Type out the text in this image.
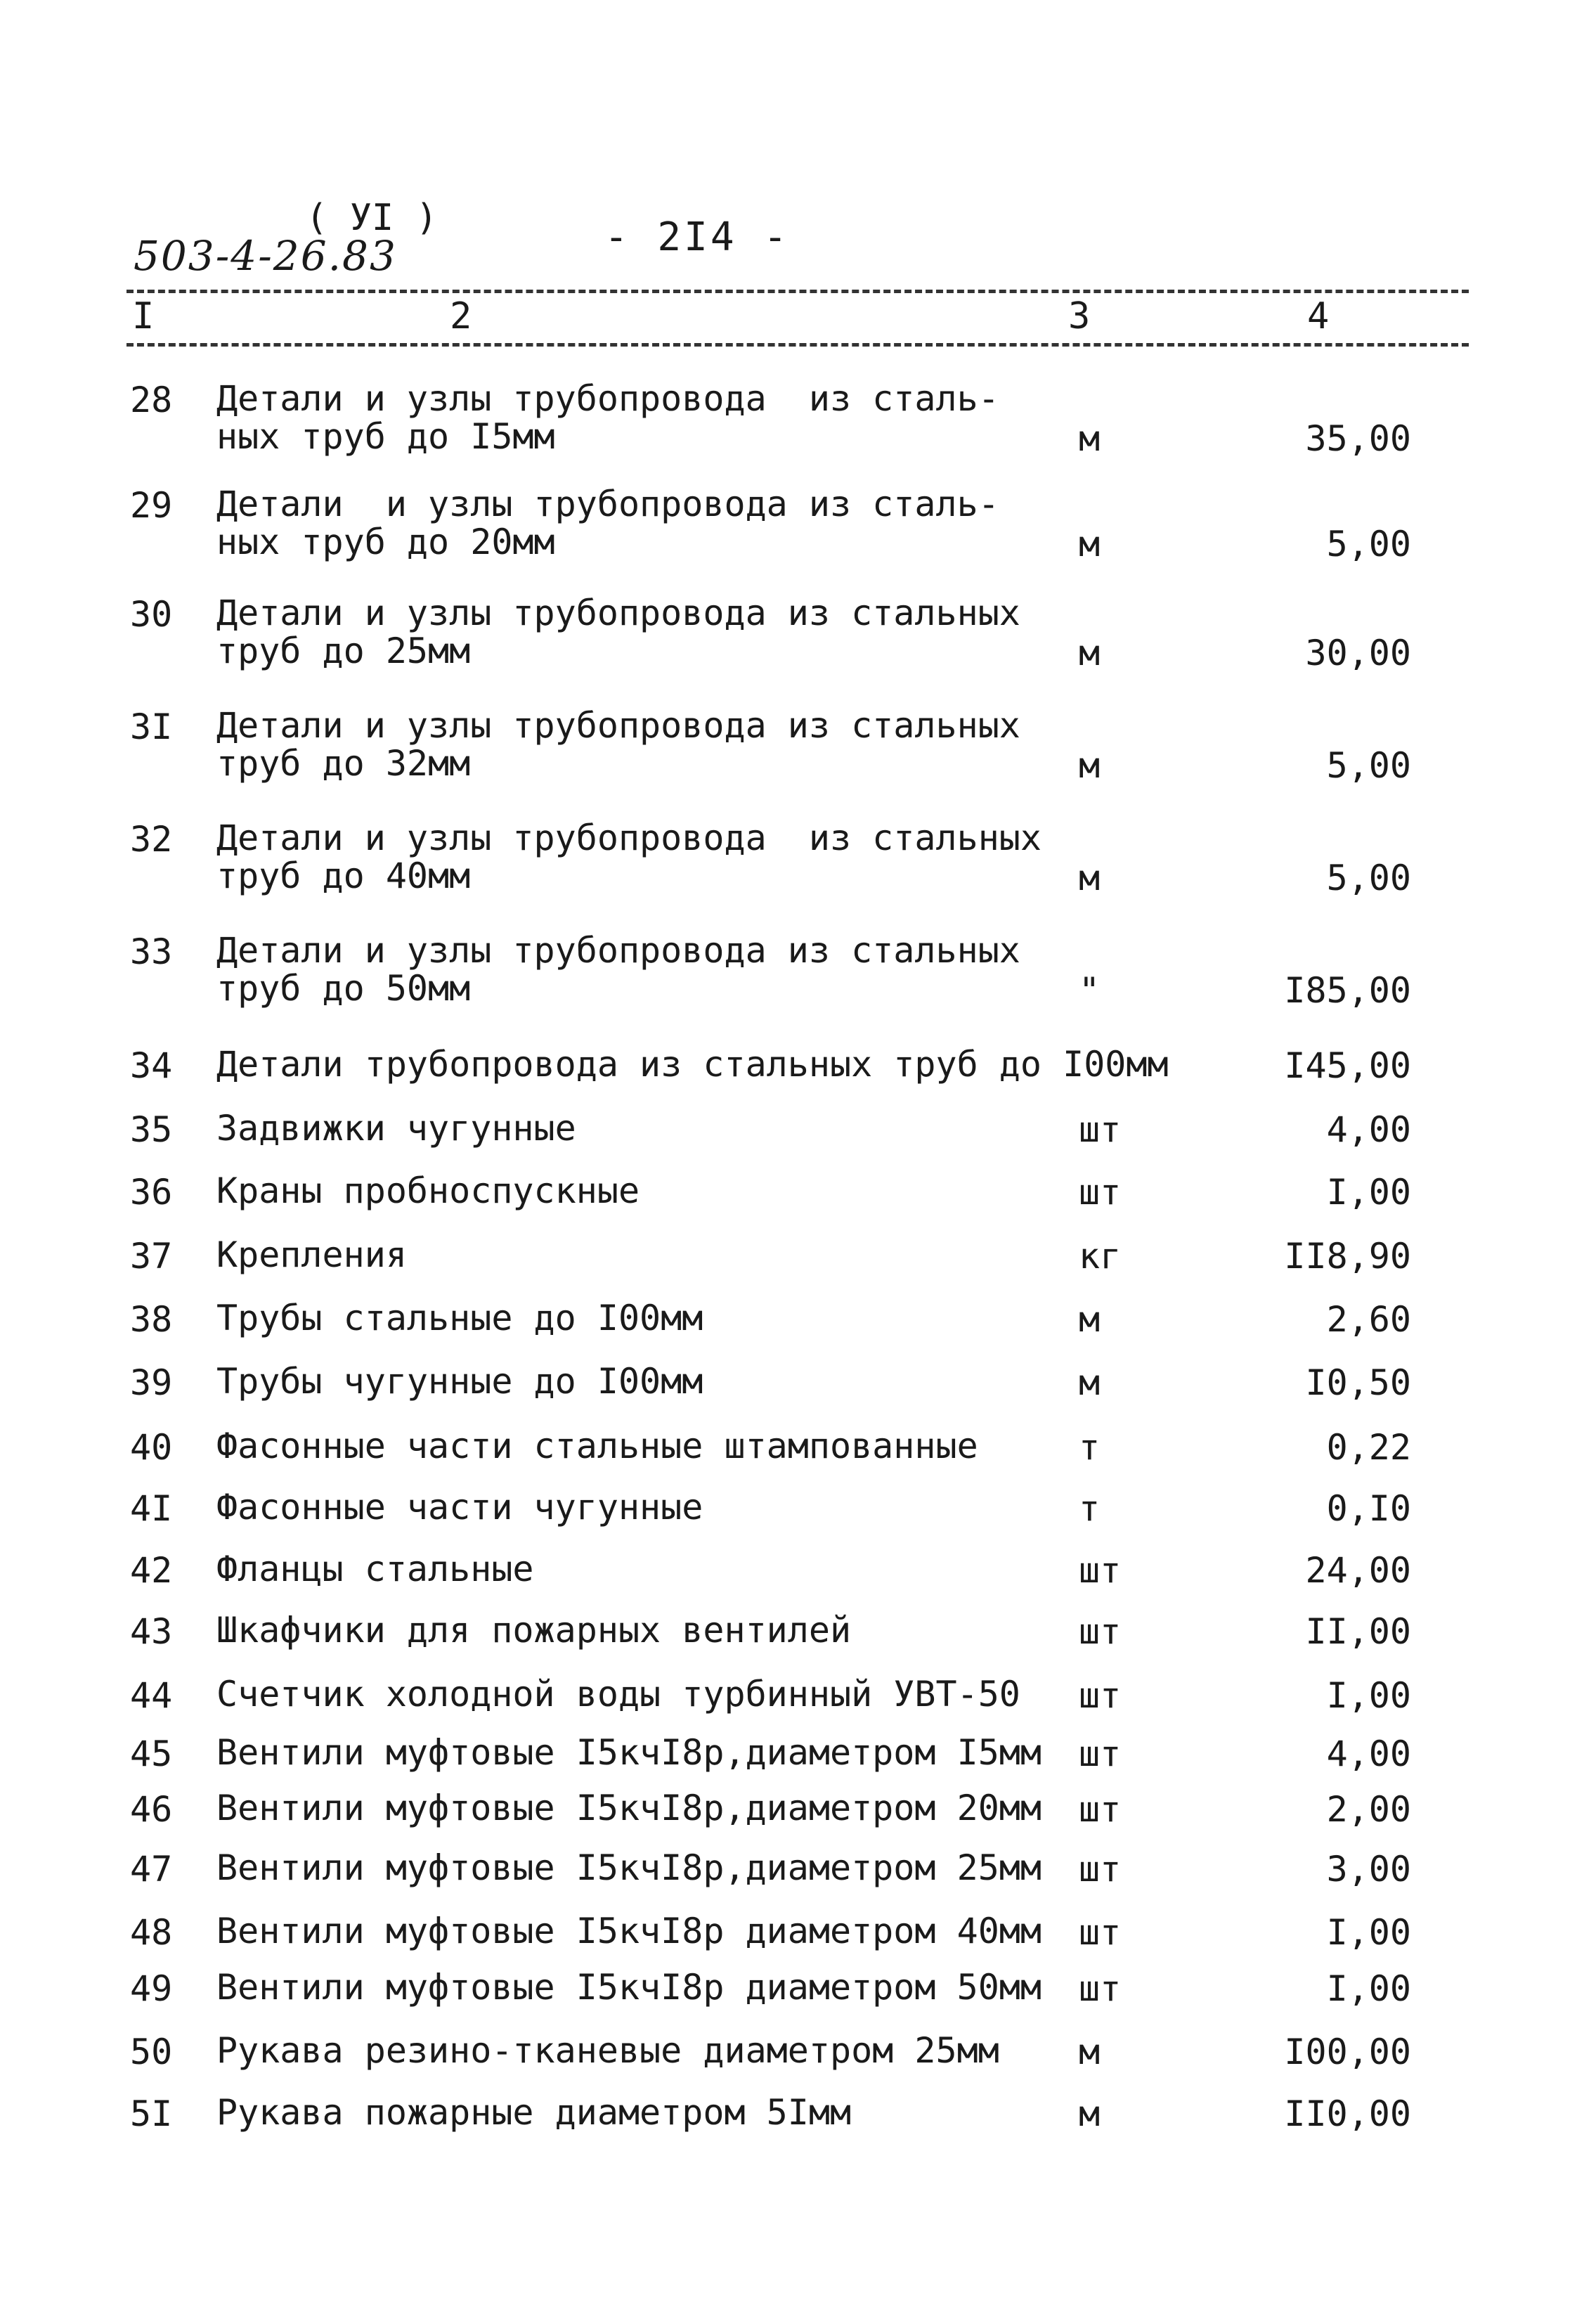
( УI )
503-4-26.83	- 2I4 -
I	2	3	4
28 Детали и узлы трубопровода  из сталь-
ных труб до I5мм	м	35,00
29 Детали  и узлы трубопровода из сталь-
ных труб до 20мм	м	5,00
30 Детали и узлы трубопровода из стальных
труб до 25мм	м	30,00
3I Детали и узлы трубопровода из стальных
труб до 32мм	м	5,00
32 Детали и узлы трубопровода  из стальных
труб до 40мм	м	5,00
33 Детали и узлы трубопровода из стальных
труб до 50мм	"	I85,00
34 Детали трубопровода из стальных труб до I00мм	I45,00
35 Задвижки чугунные	шт	4,00
36 Краны пробноспускные	шт	I,00
37 Крепления	кг	II8,90
38 Трубы стальные до I00мм	м	2,60
39 Трубы чугунные до I00мм	м	I0,50
40 Фасонные части стальные штампованные	т	0,22
4I Фасонные части чугунные	т	0,I0
42 Фланцы стальные	шт	24,00
43 Шкафчики для пожарных вентилей	шт	II,00
44 Счетчик холодной воды турбинный УВТ-50	шт	I,00
45 Вентили муфтовые I5кчI8р,диаметром I5мм	шт	4,00
46 Вентили муфтовые I5кчI8р,диаметром 20мм	шт	2,00
47 Вентили муфтовые I5кчI8р,диаметром 25мм	шт	3,00
48 Вентили муфтовые I5кчI8р диаметром 40мм	шт	I,00
49 Вентили муфтовые I5кчI8р диаметром 50мм	шт	I,00
50 Рукава резино-тканевые диаметром 25мм	м	I00,00
5I Рукава пожарные диаметром 5Iмм	м	II0,00
